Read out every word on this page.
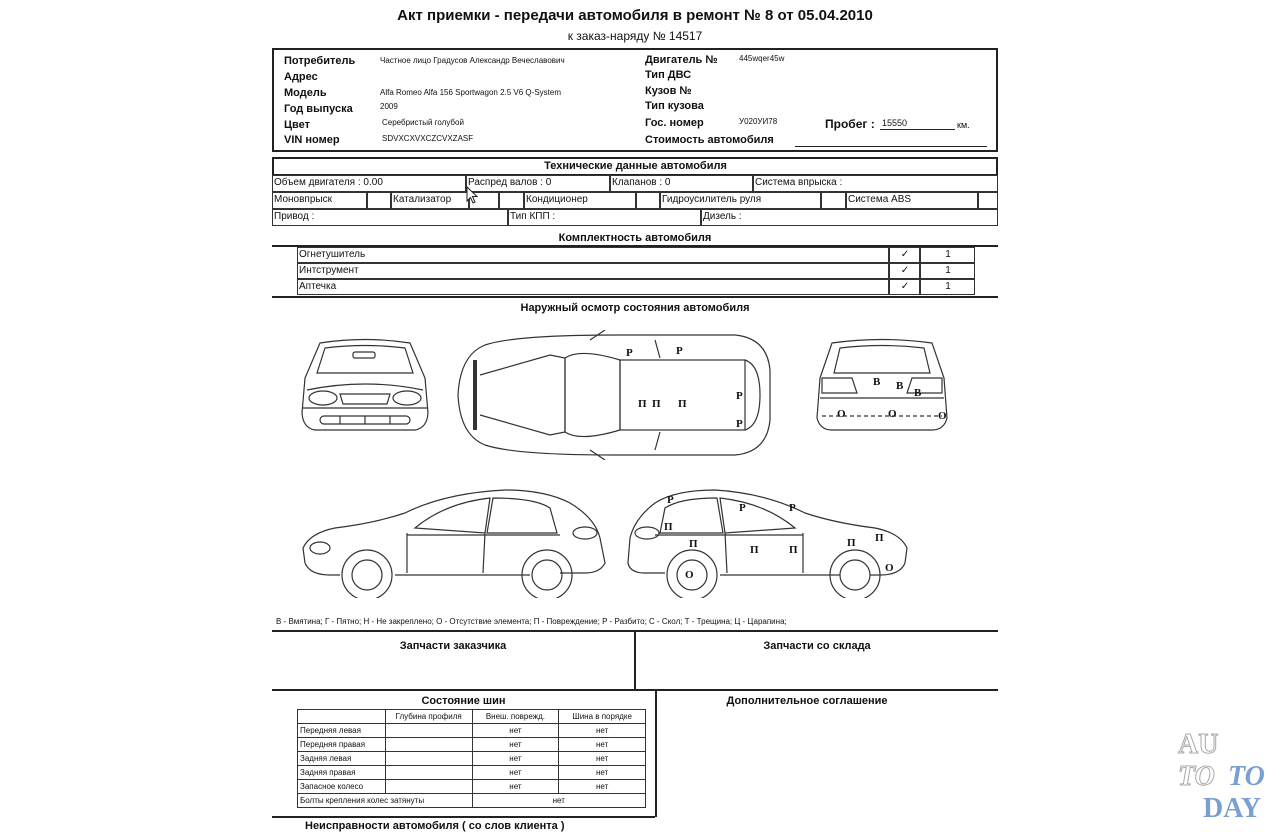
Акт приемки - передачи автомобиля в ремонт № 8 от 05.04.2010
к заказ-наряду № 14517
Потребитель	Частное лицо Градусов Александр Вечеславович
Адрес
Модель	Alfa Romeo Alfa 156 Sportwagon 2.5 V6 Q-System
Год выпуска	2009
Цвет	Серебристый голубой
VIN номер	SDVXCXVXCZCVXZASF
Двигатель №	445wqer45w
Тип ДВС
Кузов №
Тип кузова
Гос. номер	У020УИ78
Стоимость автомобиля
Пробег : 15550	км.
Технические данные автомобиля
Объем двигателя : 0.00	Распред валов : 0	Клапанов : 0	Система впрыска :
Моновпрыск	Катализатор	Кондиционер	Гидроусилитель руля	Система ABS
Привод :	Тип КПП :	Дизель :
Комплектность автомобиля
Огнетушитель	✓	1
Интструмент	✓	1
Аптечка	✓	1
Наружный осмотр состояния автомобиля
Р	Р
П П П
Р
Р
В В
В
О	О	О
Р
Р	Р
П
П	П	П
П П
О
О
В - Вмятина; Г - Пятно; Н - Не закреплено; О - Отсутствие элемента; П - Повреждение; Р - Разбито; С - Скол; Т - Трещина; Ц - Царапина;
Запчасти заказчика	Запчасти со склада
Состояние шин
	Глубина профиля	Внеш. поврежд.	Шина в порядке
Передняя левая		нет	нет
Передняя правая		нет	нет
Задняя левая		нет	нет
Задняя правая		нет	нет
Запасное колесо		нет	нет
Болты крепления колес затянуты		нет	
Дополнительное соглашение
Неисправности автомобиля ( со слов клиента )
AU
TO TO
DAY
